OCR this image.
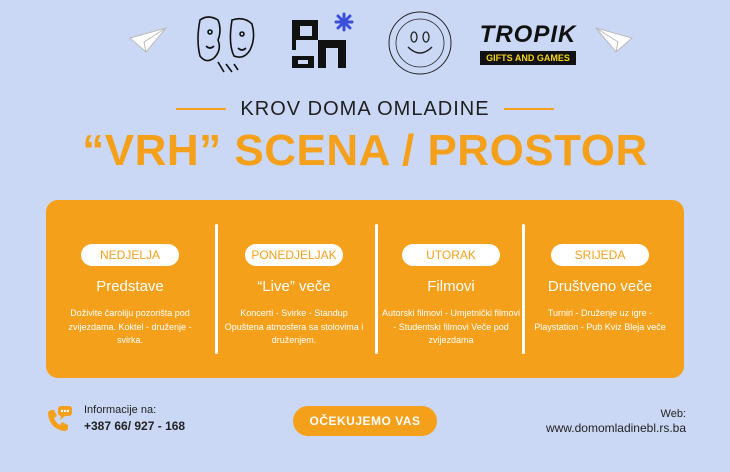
TROPIK
GIFTS AND GAMES
KROV DOMA OMLADINE
“VRH” SCENA / PROSTOR
NEDJELJA
Predstave
Doživite čaroliju pozorišta pod zvijezdama. Koktel - druženje - svirka.
PONEDJELJAK
“Live” veče
Koncerti - Svirke - Standup Opuštena atmosfera sa stolovima i druženjem.
UTORAK
Filmovi
Autorski filmovi - Umjetnički filmovi - Studentski filmovi Veče pod zvijezdama
SRIJEDA
Društveno veče
Turniri - Druženje uz igre - Playstation - Pub Kviz Bleja veče
Informacije na:
+387 66/ 927 - 168	OČEKUJEMO VAS	Web:
www.domomladinebl.rs.ba
